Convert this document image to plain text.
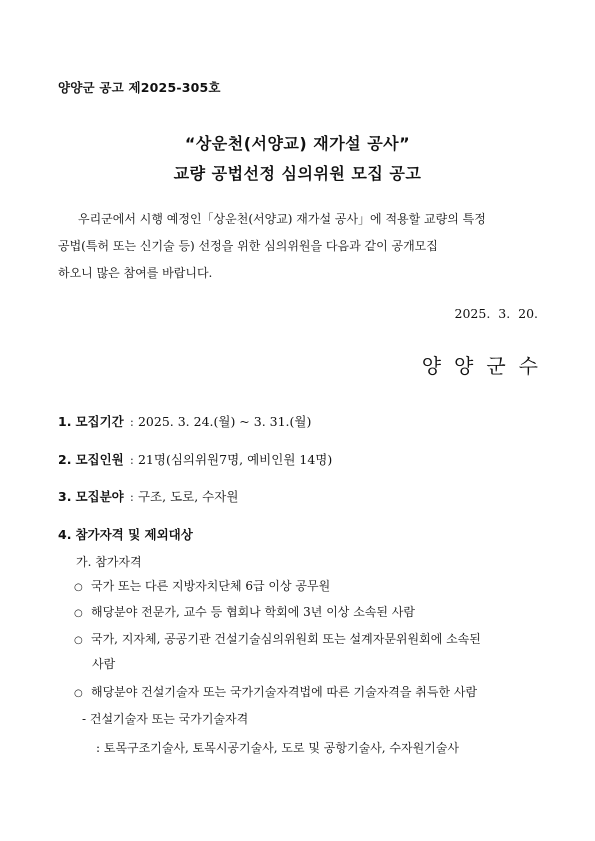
양양군 공고 제2025-305호
“상운천(서양교) 재가설 공사”
교량 공법선정 심의위원 모집 공고
우리군에서 시행 예정인「상운천(서양교) 재가설 공사」에 적용할 교량의 특정
공법(특허 또는 신기술 등) 선정을 위한 심의위원을 다음과 같이 공개모집
하오니 많은 참여를 바랍니다.
2025.  3.  20.
양양군수
1. 모집기간 : 2025. 3. 24.(월) ~ 3. 31.(월)
2. 모집인원 : 21명(심의위원7명, 예비인원 14명)
3. 모집분야 : 구조, 도로, 수자원
4. 참가자격 및 제외대상
가. 참가자격
○ 국가 또는 다른 지방자치단체 6급 이상 공무원
○ 해당분야 전문가, 교수 등 협회나 학회에 3년 이상 소속된 사람
○ 국가, 지자체, 공공기관 건설기술심의위원회 또는 설계자문위원회에 소속된
사람
○ 해당분야 건설기술자 또는 국가기술자격법에 따른 기술자격을 취득한 사람
- 건설기술자 또는 국가기술자격
: 토목구조기술사, 토목시공기술사, 도로 및 공항기술사, 수자원기술사
